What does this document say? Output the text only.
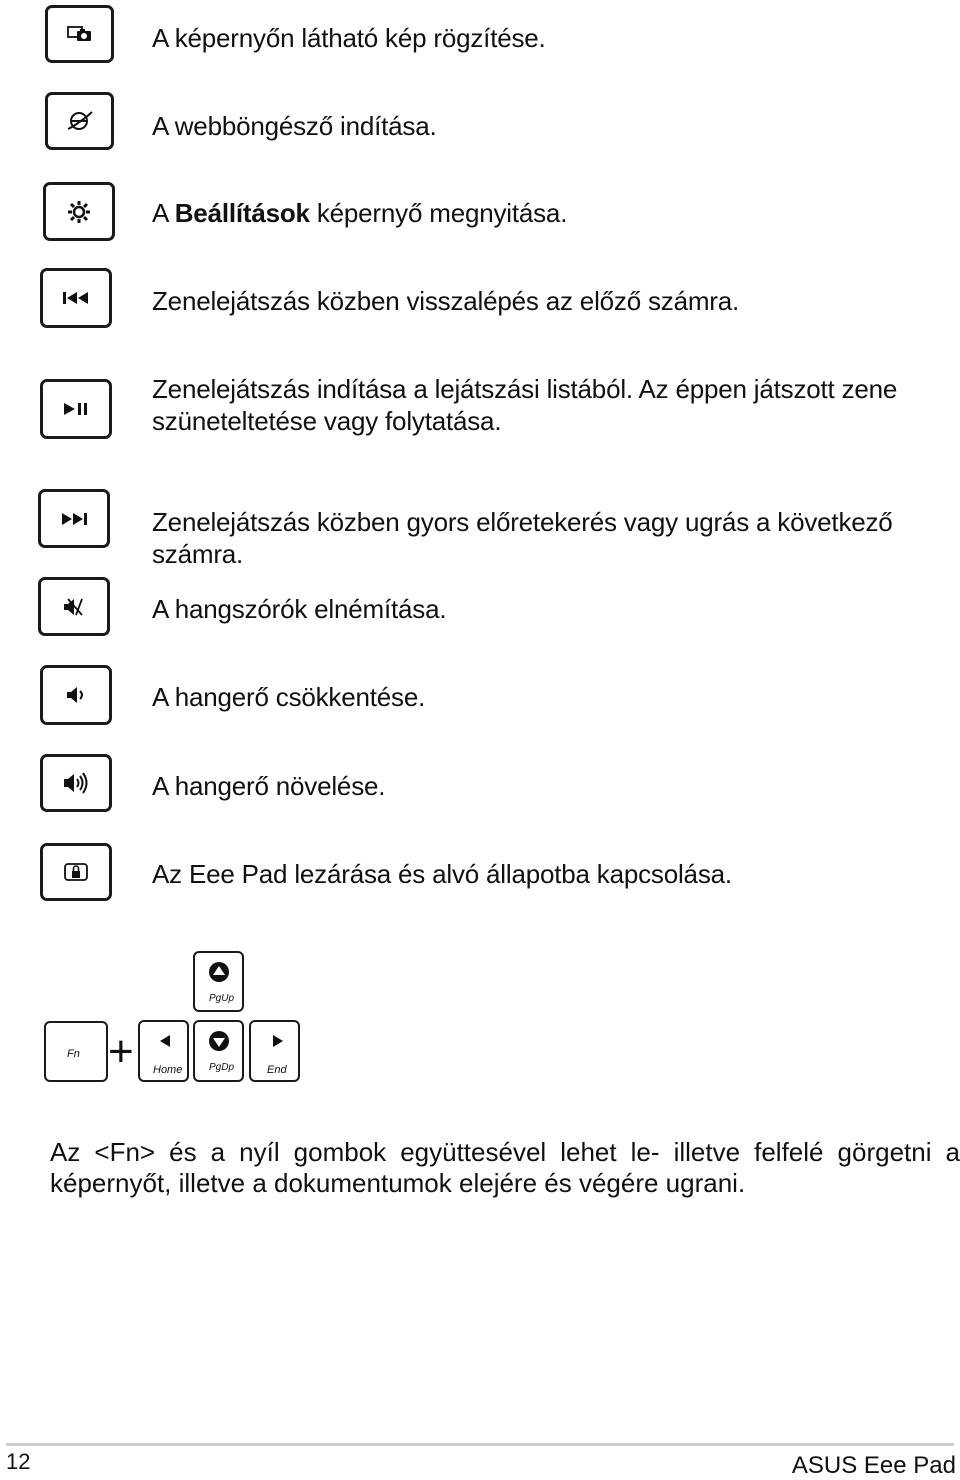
A képernyőn látható kép rögzítése.

A webböngésző indítása.

A Beállítások képernyő megnyitása.

Zenelejátszás közben visszalépés az előző számra.

Zenelejátszás indítása a lejátszási listából. Az éppen játszott zene szüneteltetése vagy folytatása.

Zenelejátszás közben gyors előretekerés vagy ugrás a következő számra.

A hangszórók elnémítása.

A hangerő csökkentése.

A hangerő növelése.

Az Eee Pad lezárása és alvó állapotba kapcsolása.

Fn +
PgUp
Home	PgDp	End

Az <Fn> és a nyíl gombok együttesével lehet le- illetve felfelé görgetni a képernyőt, illetve a dokumentumok elejére és végére ugrani.

12	ASUS Eee Pad
